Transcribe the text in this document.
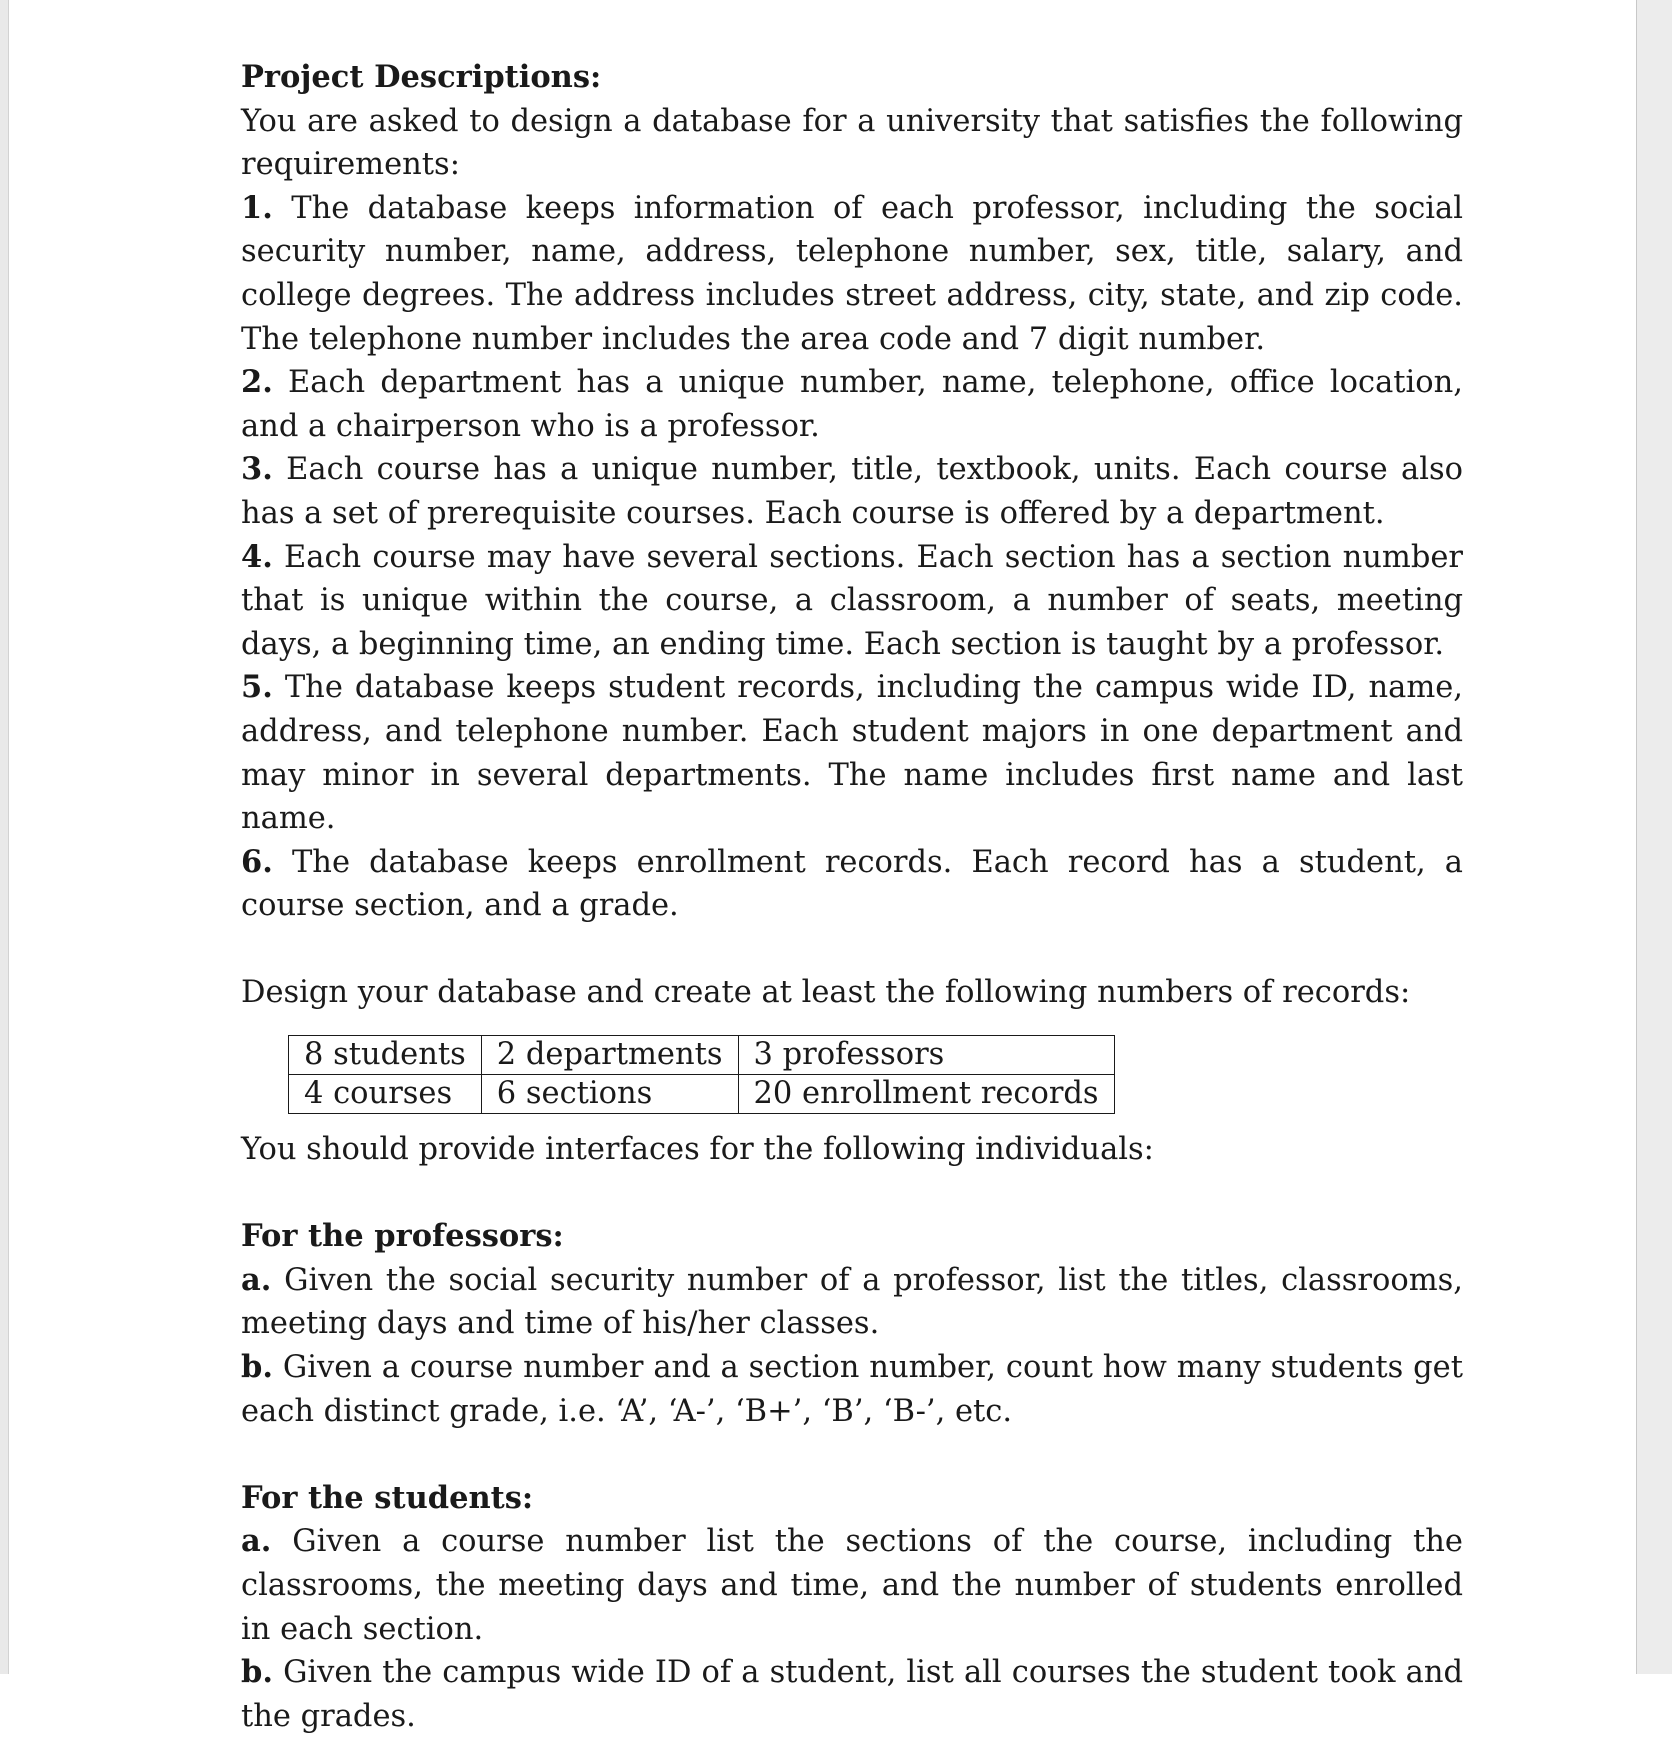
Project Descriptions:

You are asked to design a database for a university that satisfies the following requirements:

1. The database keeps information of each professor, including the social security number, name, address, telephone number, sex, title, salary, and college degrees. The address includes street address, city, state, and zip code. The telephone number includes the area code and 7 digit number.

2. Each department has a unique number, name, telephone, office location, and a chairperson who is a professor.

3. Each course has a unique number, title, textbook, units. Each course also has a set of prerequisite courses. Each course is offered by a department.

4. Each course may have several sections. Each section has a section number that is unique within the course, a classroom, a number of seats, meeting days, a beginning time, an ending time. Each section is taught by a professor.

5. The database keeps student records, including the campus wide ID, name, address, and telephone number. Each student majors in one department and may minor in several departments. The name includes first name and last name.

6. The database keeps enrollment records. Each record has a student, a course section, and a grade.

Design your database and create at least the following numbers of records:

8 students	2 departments	3 professors
4 courses	6 sections	20 enrollment records

You should provide interfaces for the following individuals:

For the professors:

a. Given the social security number of a professor, list the titles, classrooms, meeting days and time of his/her classes.

b. Given a course number and a section number, count how many students get each distinct grade, i.e. ‘A’, ‘A-’, ‘B+’, ‘B’, ‘B-’, etc.

For the students:

a. Given a course number list the sections of the course, including the classrooms, the meeting days and time, and the number of students enrolled in each section.

b. Given the campus wide ID of a student, list all courses the student took and the grades.
